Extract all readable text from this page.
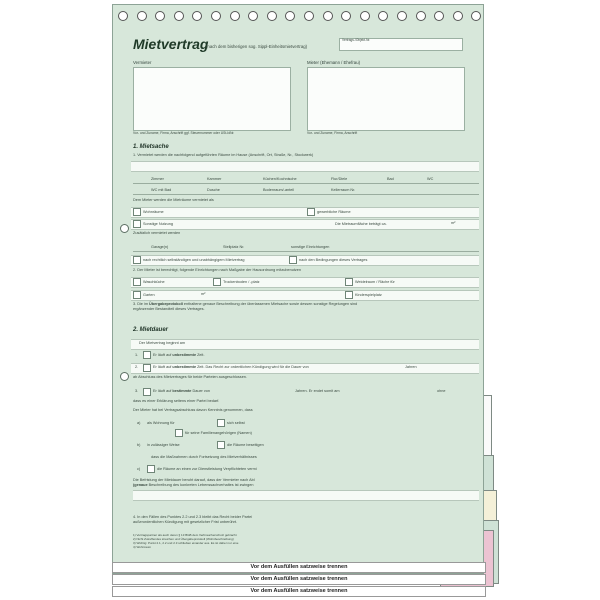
Mietvertrag
(nach dem bisherigen sog. Sippl-Einheitsmietvertrag)
Vertrags-/Objekt-Nr.
Vermieter	Mieter (Ehemann / Ehefrau)
Vor- und Zuname, Firma, Anschrift ggf. Steuernummer oder USt-IdNr.	Vor- und Zuname, Firma, Anschrift
1. Mietsache
1. Vermietet werden die nachfolgend aufgeführten Räume im Hause (Anschrift, Ort, Straße, Nr., Stockwerk)
Zimmer	Kammer	Küchen/Kochnische	Flur/Diele	Bad	WC
WC mit Bad	Dusche	Bodenraum/-anteil	Kellerraum Nr.
Dem Mieter werden die Mieträume vermietet als
Wohnräume	gewerbliche Räume
Sonstige Nutzung	Die Mietraumfläche beträgt ca.	m²
Zusätzlich vermietet werden
Garage(n)	Stellplatz Nr.	sonstige Einrichtungen
nach rechtlich selbständigen und unabhängigem Mietvertrag	nach den Bedingungen dieses Vertrages
2. Der Mieter ist berechtigt, folgende Einrichtungen nach Maßgabe der Hausordnung mitzubenutzen
Waschküche	Trockenboden / -platz	Weidelraum / Räche für
Garten	m²	Kinderspielplatz
3. Die im Übergabeprotokoll enthaltene genaue Beschreibung der überlassenen Mietsache sowie dessen sonstige Regelungen sind
ergänzender Bestandteil dieses Vertrages.
2. Mietdauer
Der Mietvertrag beginnt am
1.	Er läuft auf unbestimmte Zeit.
2.	Er läuft auf unbestimmte Zeit. Das Recht zur ordentlichen Kündigung wird für die Dauer von	Jahren
ab Abschluss des Mietvertrages für beide Parteien ausgeschlossen.
3.	Er läuft auf bestimmte Dauer von	Jahren. Er endet somit am	ohne
dass es einer Erklärung seitens einer Partei bedarf.
Der Mieter hat bei Vertragsabschluss davon Kenntnis genommen, dass
a) als Wohnung für	sich selbst
für seine Familienangehörigen (Namen)
b) in zulässiger Weise	die Räume beseitigen
dass die Maßnahmen durch Fortsetzung des Mietverhältnisses
c)	die Räume an einen zur Dienstleistung Verpflichteten vermi
Die Befristung der Mietdauer beruht darauf, dass der Vermieter nach Abl
(genaue Beschreibung des konkreten Lebenssachverhaltes ist zwingen
4. In den Fällen des Punktes 2.2 und 2.3 bleibt das Recht beider Partei
außerordentlichen Kündigung mit gesetzlicher Frist unberührt.
1) Vertragspartner als auch deren § 13 BGB dem Verbraucherschutz gebracht
2) Nicht Zutreffendes streichen und Übergabeprotokoll (Wohnbeschreibung)
3) Wichtig: Punkt 2.1, 2.2 und 2.3 schließen einander aus. Es ist daher nur eine
4) Wohnraum
Vor dem Ausfüllen satzweise trennen
Vor dem Ausfüllen satzweise trennen
Vor dem Ausfüllen satzweise trennen
